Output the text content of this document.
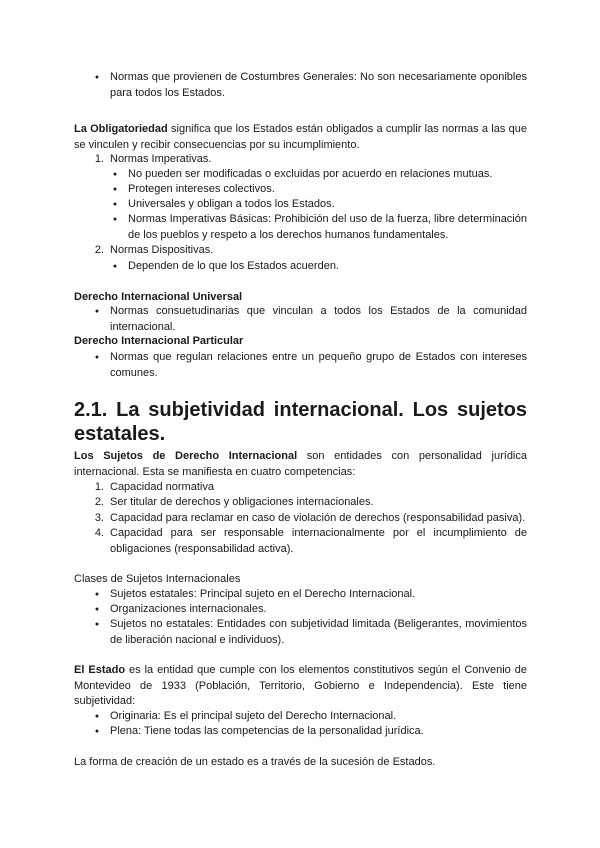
●
Normas que provienen de Costumbres Generales: No son necesariamente oponibles para todos los Estados.

La Obligatoriedad significa que los Estados están obligados a cumplir las normas a las que se vinculen y recibir consecuencias por su incumplimiento.

1. Normas Imperativas.
●
No pueden ser modificadas o excluidas por acuerdo en relaciones mutuas.
●
Protegen intereses colectivos.
●
Universales y obligan a todos los Estados.
●
Normas Imperativas Básicas: Prohibición del uso de la fuerza, libre determinación de los pueblos y respeto a los derechos humanos fundamentales.
2. Normas Dispositivas.
●
Dependen de lo que los Estados acuerden.

Derecho Internacional Universal

●
Normas consuetudinarias que vinculan a todos los Estados de la comunidad internacional.

Derecho Internacional Particular

●
Normas que regulan relaciones entre un pequeño grupo de Estados con intereses comunes.
2.1. La subjetividad internacional. Los sujetos estatales.

Los Sujetos de Derecho Internacional son entidades con personalidad jurídica internacional. Esta se manifiesta en cuatro competencias:

1. Capacidad normativa
2. Ser titular de derechos y obligaciones internacionales.
3. Capacidad para reclamar en caso de violación de derechos (responsabilidad pasiva).
4. Capacidad para ser responsable internacionalmente por el incumplimiento de obligaciones (responsabilidad activa).

Clases de Sujetos Internacionales

●
Sujetos estatales: Principal sujeto en el Derecho Internacional.
●
Organizaciones internacionales.
●
Sujetos no estatales: Entidades con subjetividad limitada (Beligerantes, movimientos de liberación nacional e individuos).

El Estado es la entidad que cumple con los elementos constitutivos según el Convenio de Montevideo de 1933 (Población, Territorio, Gobierno e Independencia). Este tiene subjetividad:

●
Originaria: Es el principal sujeto del Derecho Internacional.
●
Plena: Tiene todas las competencias de la personalidad jurídica.

La forma de creación de un estado es a través de la sucesión de Estados.
